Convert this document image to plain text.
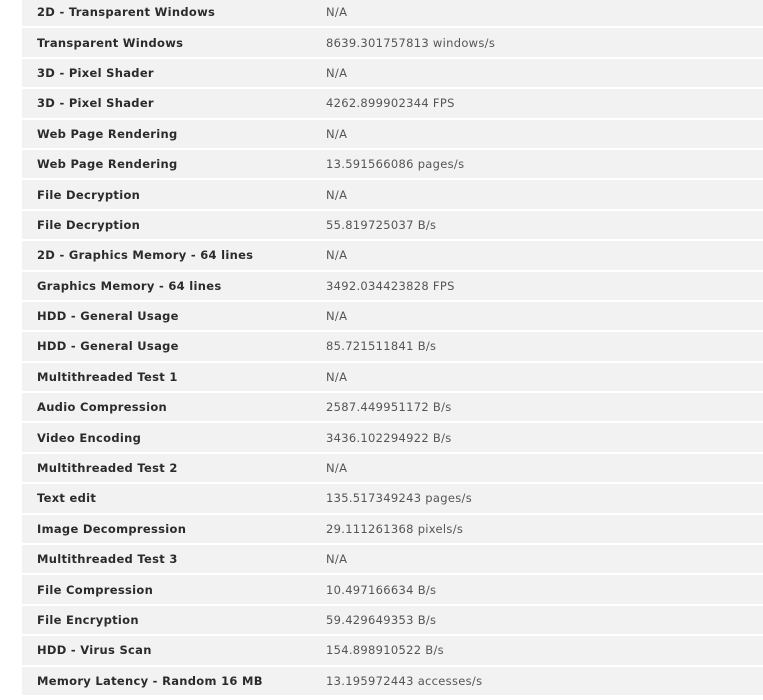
2D - Transparent Windows	N/A
Transparent Windows	8639.301757813 windows/s
3D - Pixel Shader	N/A
3D - Pixel Shader	4262.899902344 FPS
Web Page Rendering	N/A
Web Page Rendering	13.591566086 pages/s
File Decryption	N/A
File Decryption	55.819725037 B/s
2D - Graphics Memory - 64 lines	N/A
Graphics Memory - 64 lines	3492.034423828 FPS
HDD - General Usage	N/A
HDD - General Usage	85.721511841 B/s
Multithreaded Test 1	N/A
Audio Compression	2587.449951172 B/s
Video Encoding	3436.102294922 B/s
Multithreaded Test 2	N/A
Text edit	135.517349243 pages/s
Image Decompression	29.111261368 pixels/s
Multithreaded Test 3	N/A
File Compression	10.497166634 B/s
File Encryption	59.429649353 B/s
HDD - Virus Scan	154.898910522 B/s
Memory Latency - Random 16 MB	13.195972443 accesses/s
